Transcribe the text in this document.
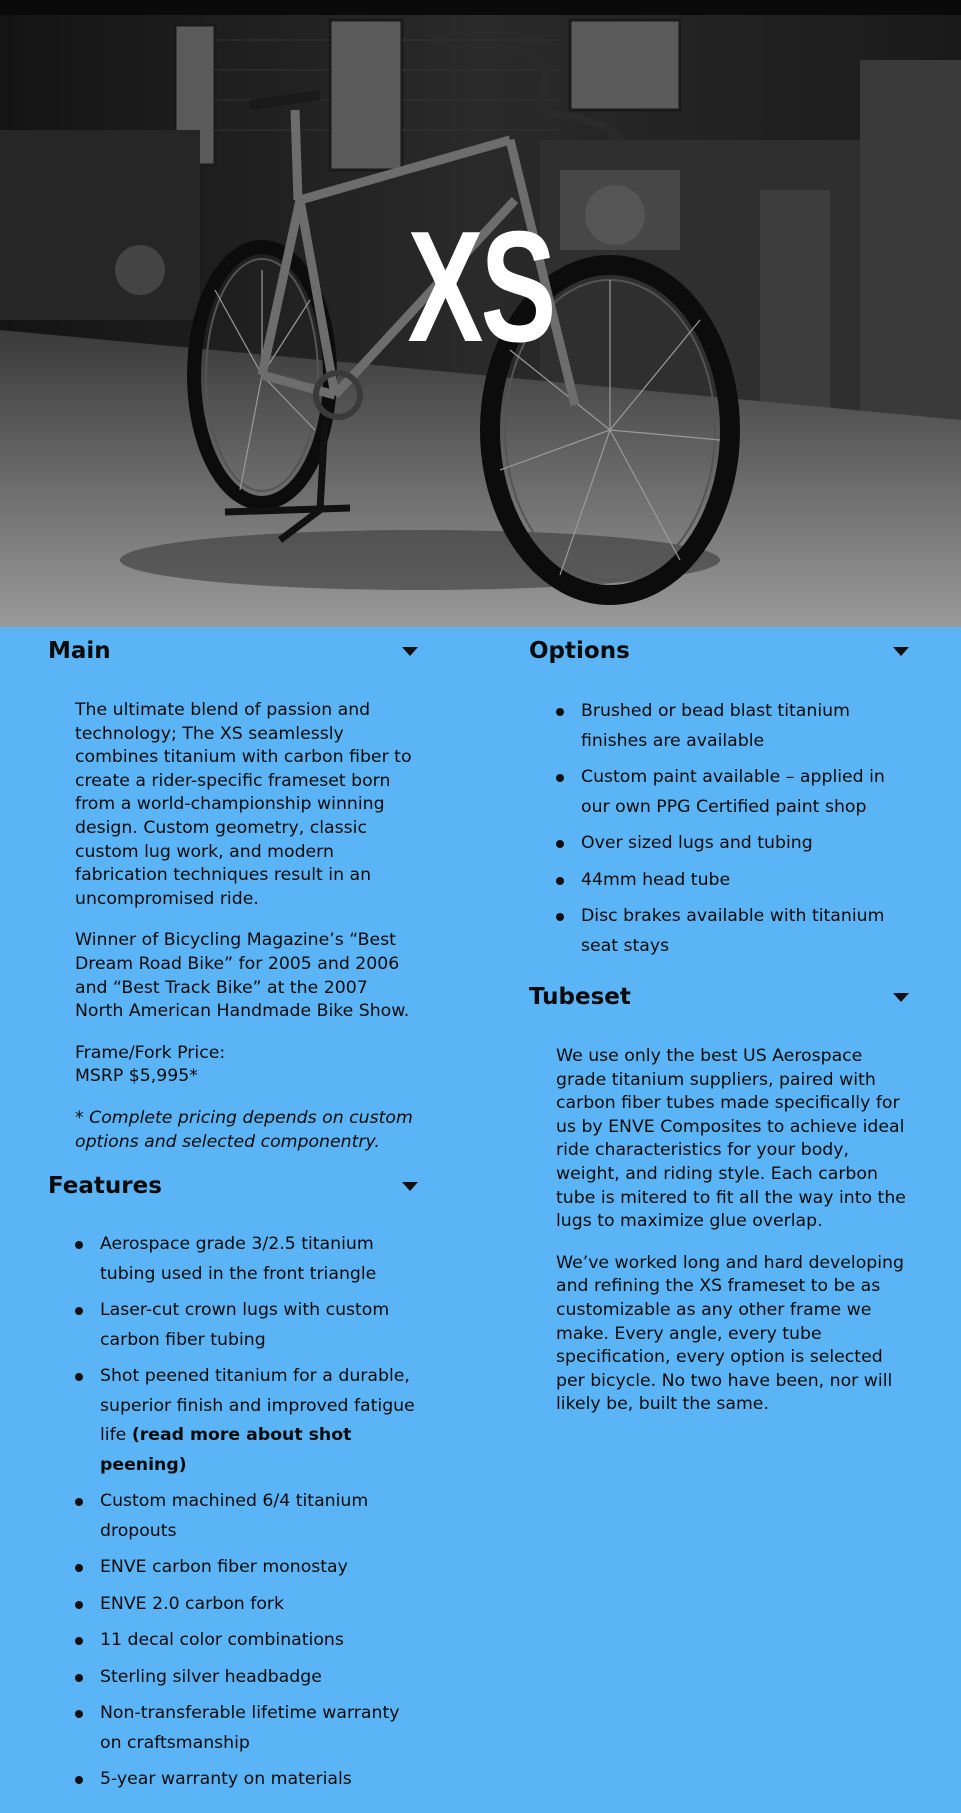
XS
Main

The ultimate blend of passion and technology; The XS seamlessly combines titanium with carbon fiber to create a rider-specific frameset born from a world-championship winning design. Custom geometry, classic custom lug work, and modern fabrication techniques result in an uncompromised ride.

Winner of Bicycling Magazine’s “Best Dream Road Bike” for 2005 and 2006 and “Best Track Bike” at the 2007 North American Handmade Bike Show.

Frame/Fork Price:
MSRP $5,995*

* Complete pricing depends on custom options and selected componentry.

Features
Aerospace grade 3/2.5 titanium tubing used in the front triangle
Laser-cut crown lugs with custom carbon fiber tubing
Shot peened titanium for a durable, superior finish and improved fatigue life (read more about shot peening)
Custom machined 6/4 titanium dropouts
ENVE carbon fiber monostay
ENVE 2.0 carbon fork
11 decal color combinations
Sterling silver headbadge
Non-transferable lifetime warranty on craftsmanship
5-year warranty on materials
Options
Brushed or bead blast titanium finishes are available
Custom paint available – applied in our own PPG Certified paint shop
Over sized lugs and tubing
44mm head tube
Disc brakes available with titanium seat stays
Tubeset

We use only the best US Aerospace grade titanium suppliers, paired with carbon fiber tubes made specifically for us by ENVE Composites to achieve ideal ride characteristics for your body, weight, and riding style. Each carbon tube is mitered to fit all the way into the lugs to maximize glue overlap.

We’ve worked long and hard developing and refining the XS frameset to be as customizable as any other frame we make. Every angle, every tube specification, every option is selected per bicycle. No two have been, nor will likely be, built the same.
